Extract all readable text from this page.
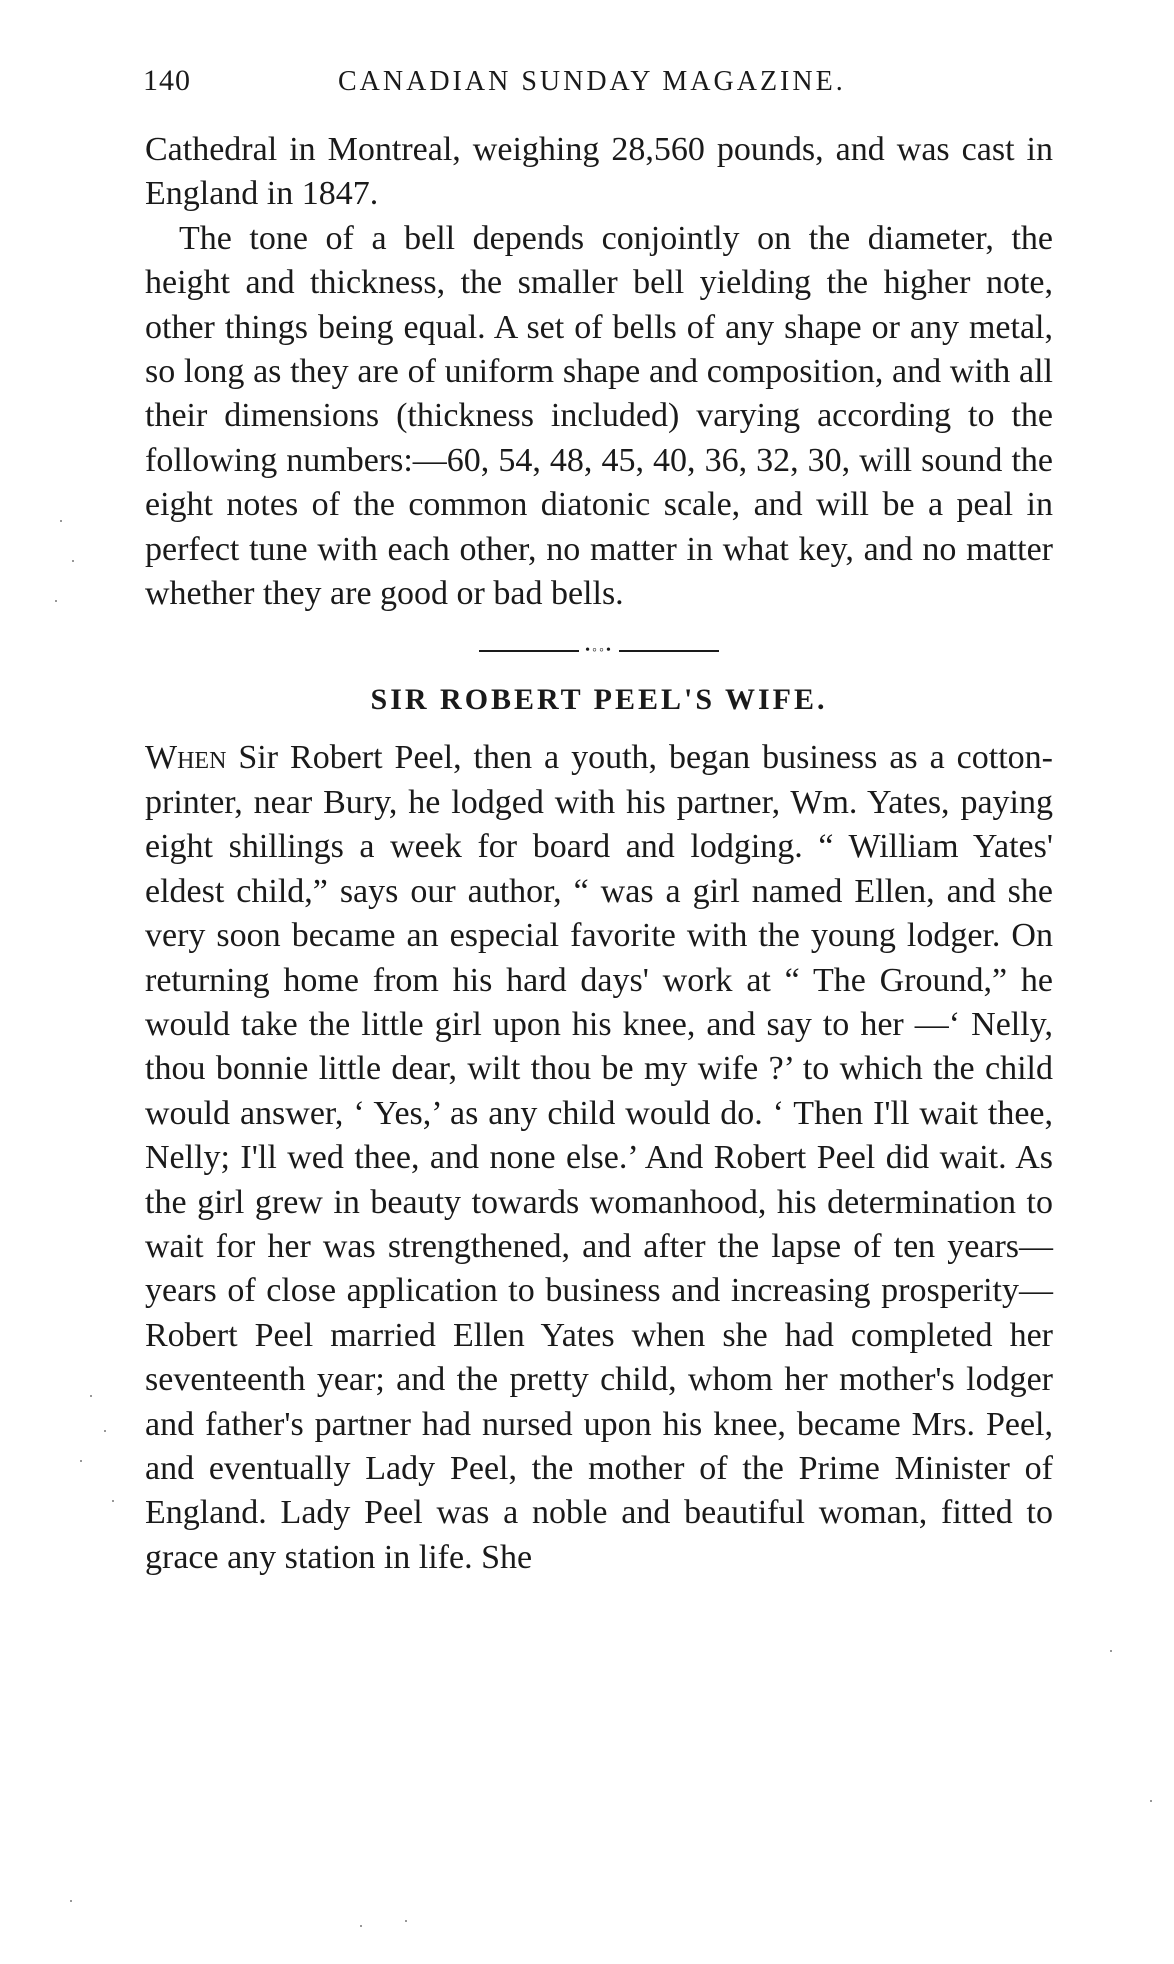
140	CANADIAN SUNDAY MAGAZINE.

Cathedral in Montreal, weighing 28,560 pounds, and was cast in England in 1847.

The tone of a bell depends conjointly on the diameter, the height and thickness, the smaller bell yielding the higher note, other things being equal. A set of bells of any shape or any metal, so long as they are of uniform shape and composition, and with all their dimensions (thickness included) varying according to the following numbers:—60, 54, 48, 45, 40, 36, 32, 30, will sound the eight notes of the common diatonic scale, and will be a peal in perfect tune with each other, no matter in what key, and no matter whether they are good or bad bells.

•◦◦•
SIR ROBERT PEEL'S WIFE.

When Sir Robert Peel, then a youth, began business as a cotton-printer, near Bury, he lodged with his partner, Wm. Yates, paying eight shillings a week for board and lodging. “ William Yates' eldest child,” says our author, “ was a girl named Ellen, and she very soon became an especial favorite with the young lodger. On returning home from his hard days' work at “ The Ground,” he would take the little girl upon his knee, and say to her —‘ Nelly, thou bonnie little dear, wilt thou be my wife ?’ to which the child would answer, ‘ Yes,’ as any child would do. ‘ Then I'll wait thee, Nelly; I'll wed thee, and none else.’ And Robert Peel did wait. As the girl grew in beauty towards womanhood, his determination to wait for her was strengthened, and after the lapse of ten years—years of close application to business and increasing prosperity—Robert Peel married Ellen Yates when she had completed her seventeenth year; and the pretty child, whom her mother's lodger and father's partner had nursed upon his knee, became Mrs. Peel, and eventually Lady Peel, the mother of the Prime Minister of England. Lady Peel was a noble and beautiful woman, fitted to grace any station in life. She
